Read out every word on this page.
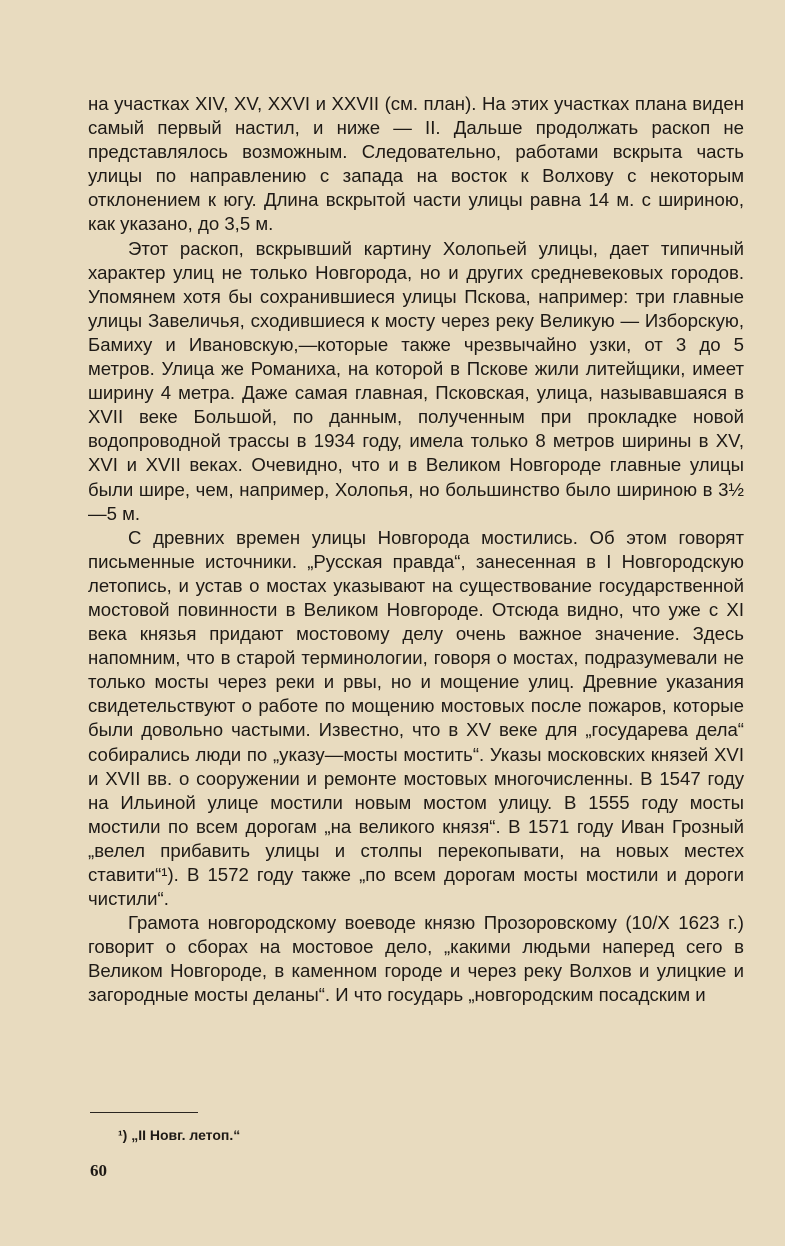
на участках XIV, XV, XXVI и XXVII (см. план). На этих участках плана виден самый первый настил, и ниже — II. Дальше продолжать раскоп не представлялось возможным. Следовательно, работами вскрыта часть улицы по направлению с запада на восток к Волхову с некоторым отклонением к югу. Длина вскрытой части улицы равна 14 м. с шириною, как указано, до 3,5 м.

Этот раскоп, вскрывший картину Холопьей улицы, дает типичный характер улиц не только Новгорода, но и других средневековых городов. Упомянем хотя бы сохранившиеся улицы Пскова, например: три главные улицы Завеличья, сходившиеся к мосту через реку Великую — Изборскую, Бамиху и Ивановскую,—которые также чрезвычайно узки, от 3 до 5 метров. Улица же Романиха, на которой в Пскове жили литейщики, имеет ширину 4 метра. Даже самая главная, Псковская, улица, называвшаяся в XVII веке Большой, по данным, полученным при прокладке новой водопроводной трассы в 1934 году, имела только 8 метров ширины в XV, XVI и XVII веках. Очевидно, что и в Великом Новгороде главные улицы были шире, чем, например, Холопья, но большинство было шириною в 3½—5 м.

С древних времен улицы Новгорода мостились. Об этом говорят письменные источники. „Русская правда“, занесенная в I Новгородскую летопись, и устав о мостах указывают на существование государственной мостовой повинности в Великом Новгороде. Отсюда видно, что уже с XI века князья придают мостовому делу очень важное значение. Здесь напомним, что в старой терминологии, говоря о мостах, подразумевали не только мосты через реки и рвы, но и мощение улиц. Древние указания свидетельствуют о работе по мощению мостовых после пожаров, которые были довольно частыми. Известно, что в XV веке для „государева дела“ собирались люди по „указу—мосты мостить“. Указы московских князей XVI и XVII вв. о сооружении и ремонте мостовых многочисленны. В 1547 году на Ильиной улице мостили новым мостом улицу. В 1555 году мосты мостили по всем дорогам „на великого князя“. В 1571 году Иван Грозный „велел прибавить улицы и столпы перекопывати, на новых местех ставити“¹). В 1572 году также „по всем дорогам мосты мостили и дороги чистили“.

Грамота новгородскому воеводе князю Прозоровскому (10/X 1623 г.) говорит о сборах на мостовое дело, „какими людьми наперед сего в Великом Новгороде, в каменном городе и через реку Волхов и улицкие и загородные мосты деланы“. И что государь „новгородским посадским и

¹) „II Новг. летоп.“
60
